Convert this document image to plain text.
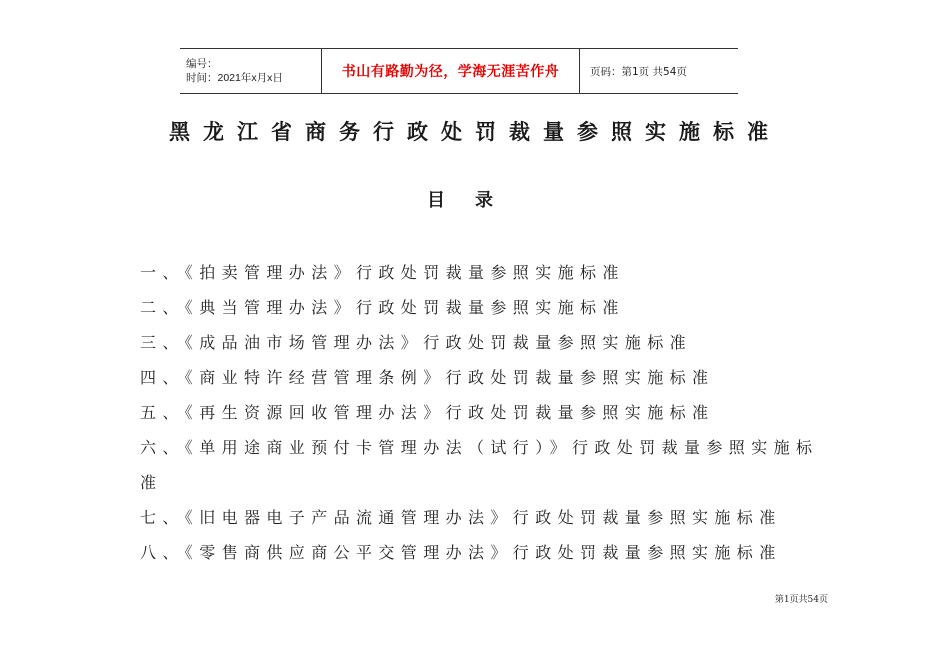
编号：
时间：2021年x月x日	书山有路勤为径，学海无涯苦作舟	页码：第1页 共54页
黑龙江省商务行政处罚裁量参照实施标准
目录
一、《拍卖管理办法》行政处罚裁量参照实施标准
二、《典当管理办法》行政处罚裁量参照实施标准
三、《成品油市场管理办法》行政处罚裁量参照实施标准
四、《商业特许经营管理条例》行政处罚裁量参照实施标准
五、《再生资源回收管理办法》行政处罚裁量参照实施标准
六、《单用途商业预付卡管理办法（试行）》行政处罚裁量参照实施标准
七、《旧电器电子产品流通管理办法》行政处罚裁量参照实施标准
八、《零售商供应商公平交管理办法》行政处罚裁量参照实施标准
第1页共54页
